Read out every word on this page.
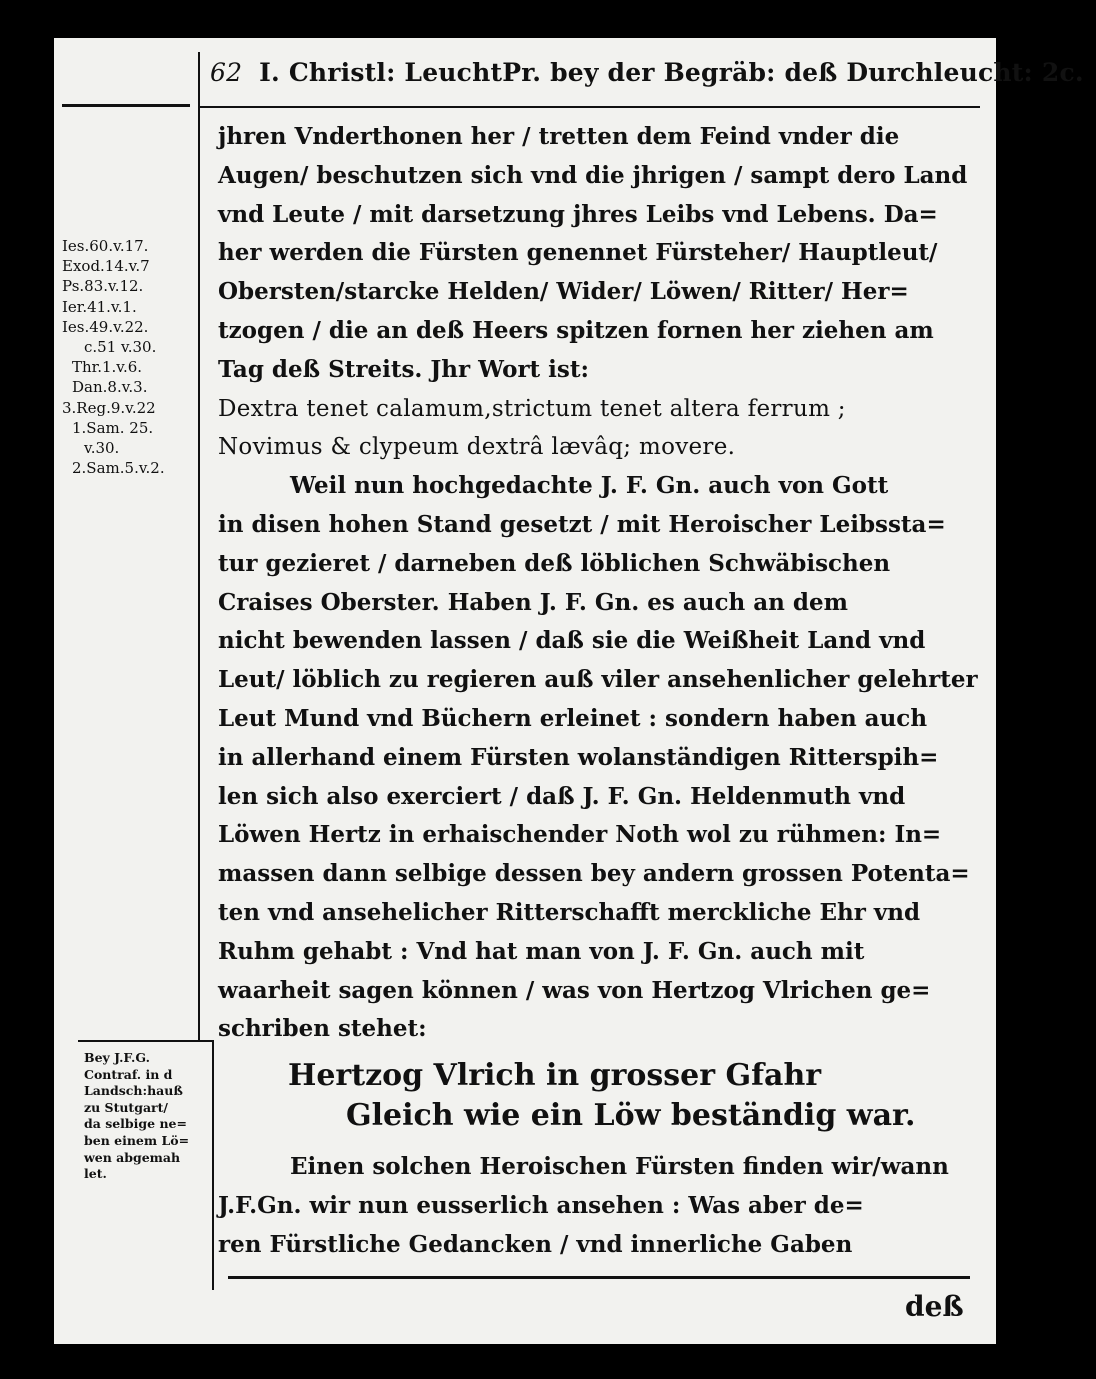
62 I. Christl: LeuchtPr. bey der Begräb: deß Durchleucht: 2c.
Ies.60.v.17.
Exod.14.v.7
Ps.83.v.12.
Ier.41.v.1.
Ies.49.v.22.
c.51 v.30.
Thr.1.v.6.
Dan.8.v.3.
3.Reg.9.v.22
1.Sam. 25.
v.30.
2.Sam.5.v.2.
Bey J.F.G.
Contraf. in d
Landsch:hauß
zu Stutgart/
da selbige ne=
ben einem Lö=
wen abgemah
let.
jhren Vnderthonen her / tretten dem Feind vnder die
Augen/ beschutzen sich vnd die jhrigen / sampt dero Land
vnd Leute / mit darsetzung jhres Leibs vnd Lebens. Da=
her werden die Fürsten genennet Fürsteher/ Hauptleut/
Obersten/starcke Helden/ Wider/ Löwen/ Ritter/ Her=
tzogen / die an deß Heers spitzen fornen her ziehen am
Tag deß Streits. Jhr Wort ist:
Dextra tenet calamum,strictum tenet altera ferrum ;
Novimus & clypeum dextrâ lævâq; movere.
Weil nun hochgedachte J. F. Gn. auch von Gott
in disen hohen Stand gesetzt / mit Heroischer Leibssta=
tur gezieret / darneben deß löblichen Schwäbischen
Craises Oberster. Haben J. F. Gn. es auch an dem
nicht bewenden lassen / daß sie die Weißheit Land vnd
Leut/ löblich zu regieren auß viler ansehenlicher gelehrter
Leut Mund vnd Büchern erleinet : sondern haben auch
in allerhand einem Fürsten wolanständigen Ritterspih=
len sich also exerciert / daß J. F. Gn. Heldenmuth vnd
Löwen Hertz in erhaischender Noth wol zu rühmen: In=
massen dann selbige dessen bey andern grossen Potenta=
ten vnd ansehelicher Ritterschafft merckliche Ehr vnd
Ruhm gehabt : Vnd hat man von J. F. Gn. auch mit
waarheit sagen können / was von Hertzog Vlrichen ge=
schriben stehet:
Hertzog Vlrich in grosser Gfahr
Gleich wie ein Löw beständig war.
Einen solchen Heroischen Fürsten finden wir/wann
J.F.Gn. wir nun eusserlich ansehen : Was aber de=
ren Fürstliche Gedancken / vnd innerliche Gaben
deß
